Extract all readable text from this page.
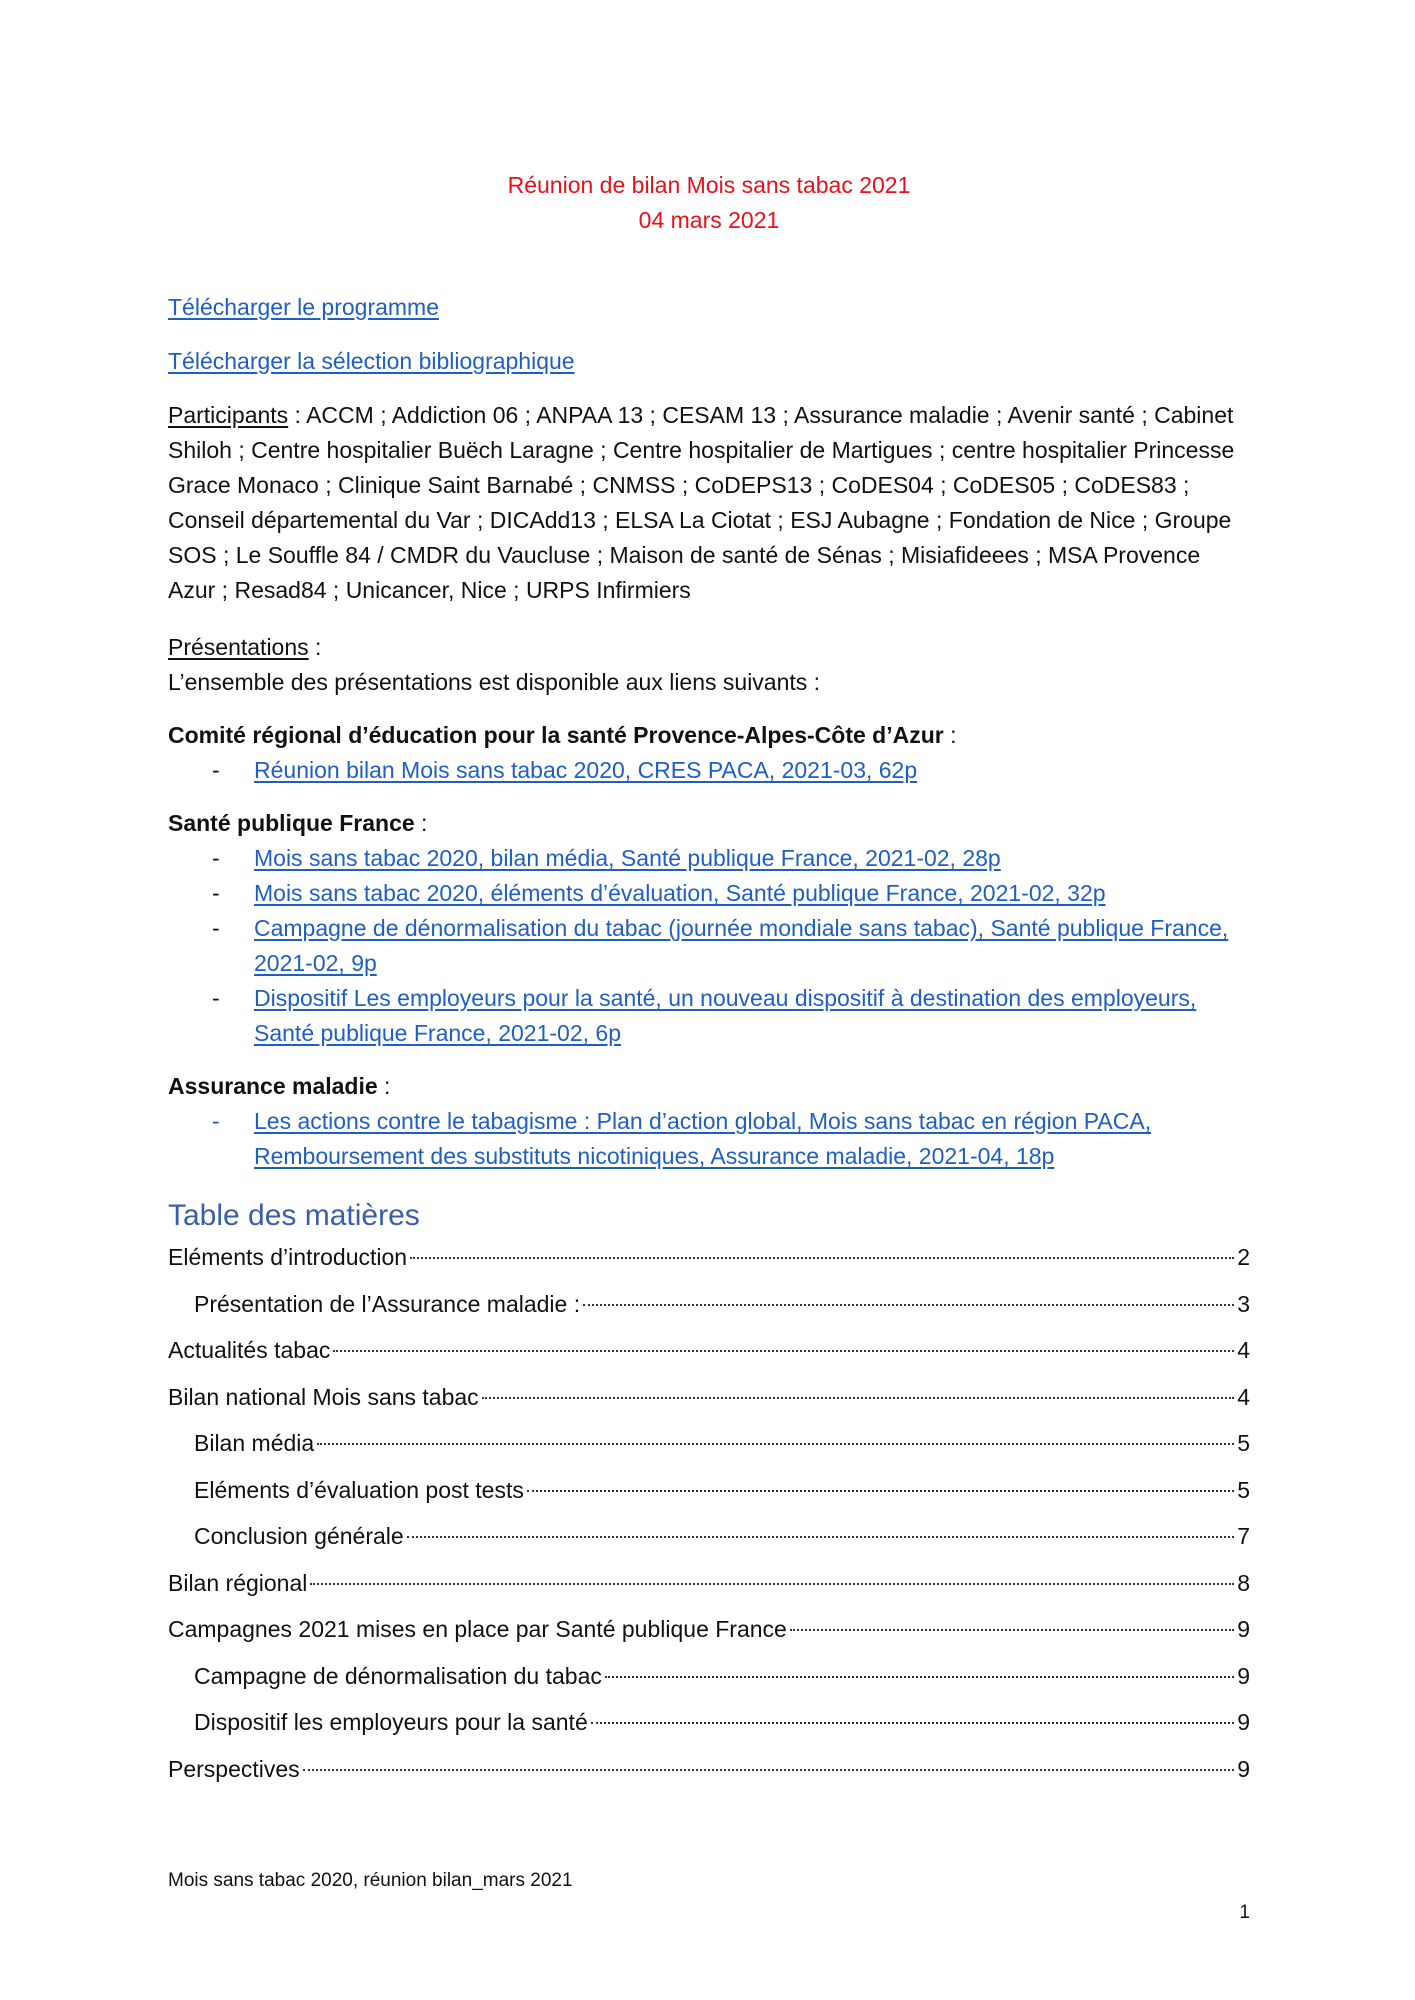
Réunion de bilan Mois sans tabac 2021
04 mars 2021
Télécharger le programme
Télécharger la sélection bibliographique
Participants : ACCM ; Addiction 06 ; ANPAA 13 ; CESAM 13 ; Assurance maladie ; Avenir santé ; Cabinet Shiloh ; Centre hospitalier Buëch Laragne ; Centre hospitalier de Martigues ; centre hospitalier Princesse Grace Monaco ; Clinique Saint Barnabé ; CNMSS ; CoDEPS13 ; CoDES04 ; CoDES05 ; CoDES83 ; Conseil départemental du Var ; DICAdd13 ; ELSA La Ciotat ; ESJ Aubagne ; Fondation de Nice ; Groupe SOS ; Le Souffle 84 / CMDR du Vaucluse ; Maison de santé de Sénas ; Misiafideees ; MSA Provence Azur ; Resad84 ; Unicancer, Nice ; URPS Infirmiers
Présentations :
L’ensemble des présentations est disponible aux liens suivants :
Comité régional d’éducation pour la santé Provence-Alpes-Côte d’Azur :
- Réunion bilan Mois sans tabac 2020, CRES PACA, 2021-03, 62p
Santé publique France :
- Mois sans tabac 2020, bilan média, Santé publique France, 2021-02, 28p
- Mois sans tabac 2020, éléments d’évaluation, Santé publique France, 2021-02, 32p
- Campagne de dénormalisation du tabac (journée mondiale sans tabac), Santé publique France, 2021-02, 9p
- Dispositif Les employeurs pour la santé, un nouveau dispositif à destination des employeurs, Santé publique France, 2021-02, 6p
Assurance maladie :
- Les actions contre le tabagisme : Plan d’action global, Mois sans tabac en région PACA, Remboursement des substituts nicotiniques, Assurance maladie, 2021-04, 18p
Table des matières
Eléments d’introduction	2
Présentation de l’Assurance maladie :	3
Actualités tabac	4
Bilan national Mois sans tabac	4
Bilan média	5
Eléments d’évaluation post tests	5
Conclusion générale	7
Bilan régional	8
Campagnes 2021 mises en place par Santé publique France	9
Campagne de dénormalisation du tabac	9
Dispositif les employeurs pour la santé	9
Perspectives	9
Mois sans tabac 2020, réunion bilan_mars 2021
1
